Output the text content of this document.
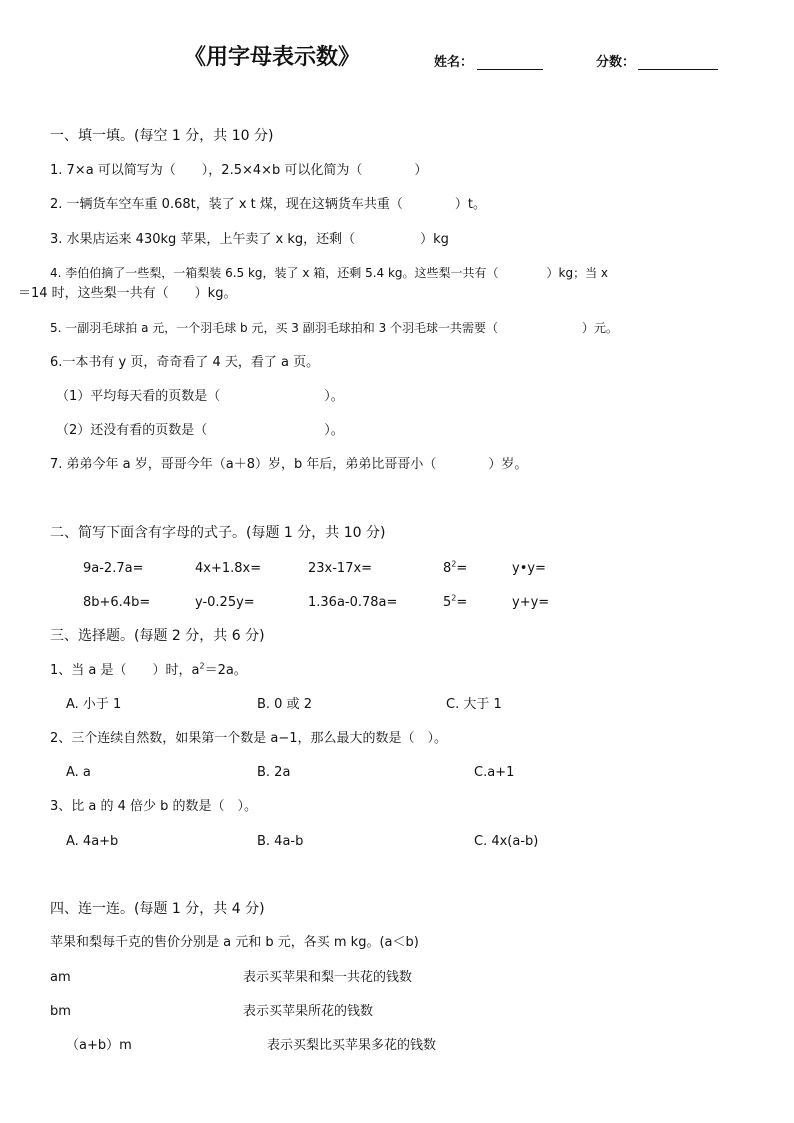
《用字母表示数》	姓名：	分数：
一、填一填。(每空 1 分，共 10 分)
1. 7×a 可以简写为（　　），2.5×4×b 可以化简为（　　　　）
2. 一辆货车空车重 0.68t，装了 x t 煤，现在这辆货车共重（　　　　）t。
3. 水果店运来 430kg 苹果，上午卖了 x kg，还剩（　　　　　）kg
4. 李伯伯摘了一些梨，一箱梨装 6.5 kg，装了 x 箱，还剩 5.4 kg。这些梨一共有（　　　　）kg；当 x
＝14 时，这些梨一共有（　　）kg。
5. 一副羽毛球拍 a 元，一个羽毛球 b 元，买 3 副羽毛球拍和 3 个羽毛球一共需要（　　　　　　　）元。
6.一本书有 y 页，奇奇看了 4 天，看了 a 页。
（1）平均每天看的页数是（　　　　　　　　）。
（2）还没有看的页数是（　　　　　　　　　）。
7. 弟弟今年 a 岁，哥哥今年（a＋8）岁，b 年后，弟弟比哥哥小（　　　　）岁。
二、简写下面含有字母的式子。(每题 1 分，共 10 分)
9a-2.7a=	4x+1.8x=	23x-17x=	$8^2=$	y•y=
8b+6.4b=	y-0.25y=	1.36a-0.78a=	$5^2=$	y+y=
三、选择题。(每题 2 分，共 6 分)
1、当 a 是（　　）时，$a^2=2a$。
A. 小于 1	B. 0 或 2	C. 大于 1
2、三个连续自然数，如果第一个数是 a−1，那么最大的数是（　）。
A. a	B. 2a	C.a+1
3、比 a 的 4 倍少 b 的数是（　）。
A. 4a+b	B. 4a-b	C. 4x(a-b)
四、连一连。(每题 1 分，共 4 分)
苹果和梨每千克的售价分别是 a 元和 b 元，各买 m kg。(a＜b)
am	表示买苹果和梨一共花的钱数
bm	表示买苹果所花的钱数
（a+b）m	表示买梨比买苹果多花的钱数
